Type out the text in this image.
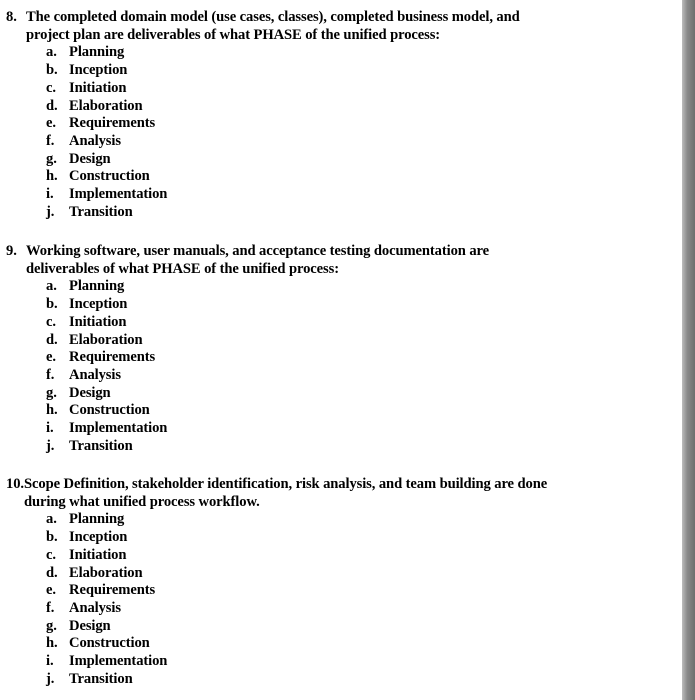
8. The completed domain model (use cases, classes), completed business model, and
project plan are deliverables of what PHASE of the unified process:
a. Planning
b. Inception
c. Initiation
d. Elaboration
e. Requirements
f.	Analysis
g. Design
h. Construction
i.	Implementation
j.	Transition
9. Working software, user manuals, and acceptance testing documentation are
deliverables of what PHASE of the unified process:
a. Planning
b. Inception
c. Initiation
d. Elaboration
e. Requirements
f.	Analysis
g. Design
h. Construction
i.	Implementation
j.	Transition
10. Scope Definition, stakeholder identification, risk analysis, and team building are done
during what unified process workflow.
a. Planning
b. Inception
c. Initiation
d. Elaboration
e. Requirements
f.	Analysis
g. Design
h. Construction
i.	Implementation
j.	Transition
